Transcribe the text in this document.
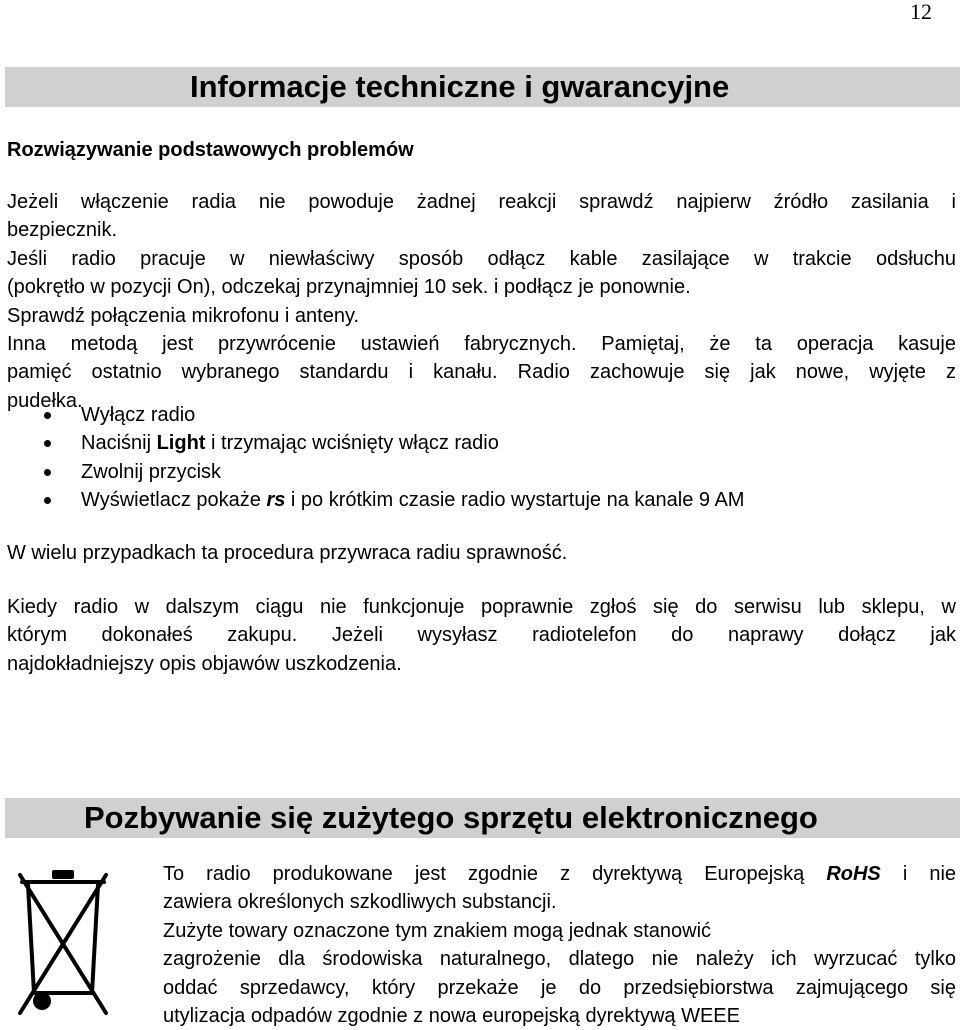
12
Informacje techniczne i gwarancyjne
Rozwiązywanie podstawowych problemów

Jeżeli włączenie radia nie powoduje żadnej reakcji sprawdź najpierw źródło zasilania i

bezpiecznik.

Jeśli radio pracuje w niewłaściwy sposób odłącz kable zasilające w trakcie odsłuchu

(pokrętło w pozycji On), odczekaj przynajmniej 10 sek. i podłącz je ponownie.

Sprawdź połączenia mikrofonu i anteny.

Inna metodą jest przywrócenie ustawień fabrycznych. Pamiętaj, że ta operacja kasuje

pamięć ostatnio wybranego standardu i kanału. Radio zachowuje się jak nowe, wyjęte z

pudełka.

Wyłącz radio
Naciśnij Light i trzymając wciśnięty włącz radio
Zwolnij przycisk
Wyświetlacz pokaże rs i po krótkim czasie radio wystartuje na kanale 9 AM

W wielu przypadkach ta procedura przywraca radiu sprawność.

Kiedy radio w dalszym ciągu nie funkcjonuje poprawnie zgłoś się do serwisu lub sklepu, w

którym dokonałeś zakupu. Jeżeli wysyłasz radiotelefon do naprawy dołącz jak

najdokładniejszy opis objawów uszkodzenia.

Pozbywanie się zużytego sprzętu elektronicznego

To radio produkowane jest zgodnie z dyrektywą Europejską RoHS i nie

zawiera określonych szkodliwych substancji.

Zużyte towary oznaczone tym znakiem mogą jednak stanowić

zagrożenie dla środowiska naturalnego, dlatego nie należy ich wyrzucać tylko

oddać sprzedawcy, który przekaże je do przedsiębiorstwa zajmującego się

utylizacja odpadów zgodnie z nowa europejską dyrektywą WEEE
